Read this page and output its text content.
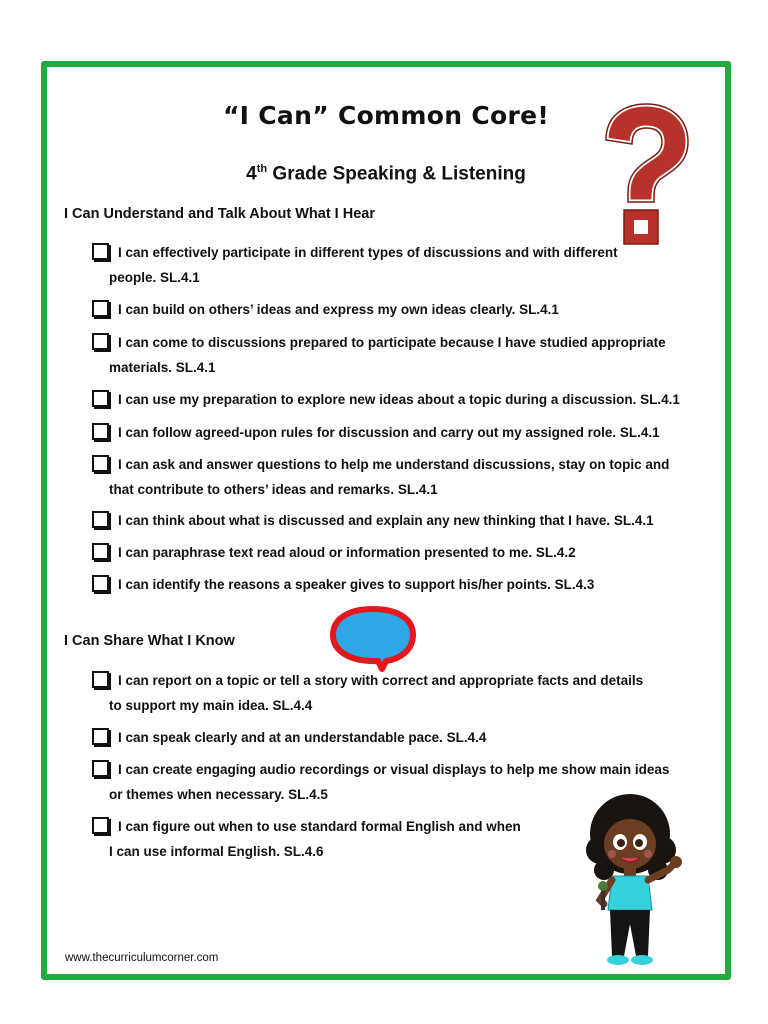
“I Can” Common Core!
4th Grade Speaking & Listening
I Can Understand and Talk About What I Hear
I can effectively participate in different types of discussions and with different
people. SL.4.1
I can build on others’ ideas and express my own ideas clearly. SL.4.1
I can come to discussions prepared to participate because I have studied appropriate
materials. SL.4.1
I can use my preparation to explore new ideas about a topic during a discussion. SL.4.1
I can follow agreed-upon rules for discussion and carry out my assigned role. SL.4.1
I can ask and answer questions to help me understand discussions, stay on topic and
that contribute to others’ ideas and remarks. SL.4.1
I can think about what is discussed and explain any new thinking that I have. SL.4.1
I can paraphrase text read aloud or information presented to me. SL.4.2
I can identify the reasons a speaker gives to support his/her points. SL.4.3
I Can Share What I Know
I can report on a topic or tell a story with correct and appropriate facts and details
to support my main idea. SL.4.4
I can speak clearly and at an understandable pace. SL.4.4
I can create engaging audio recordings or visual displays to help me show main ideas
or themes when necessary. SL.4.5
I can figure out when to use standard formal English and when
I can use informal English. SL.4.6
www.thecurriculumcorner.com
